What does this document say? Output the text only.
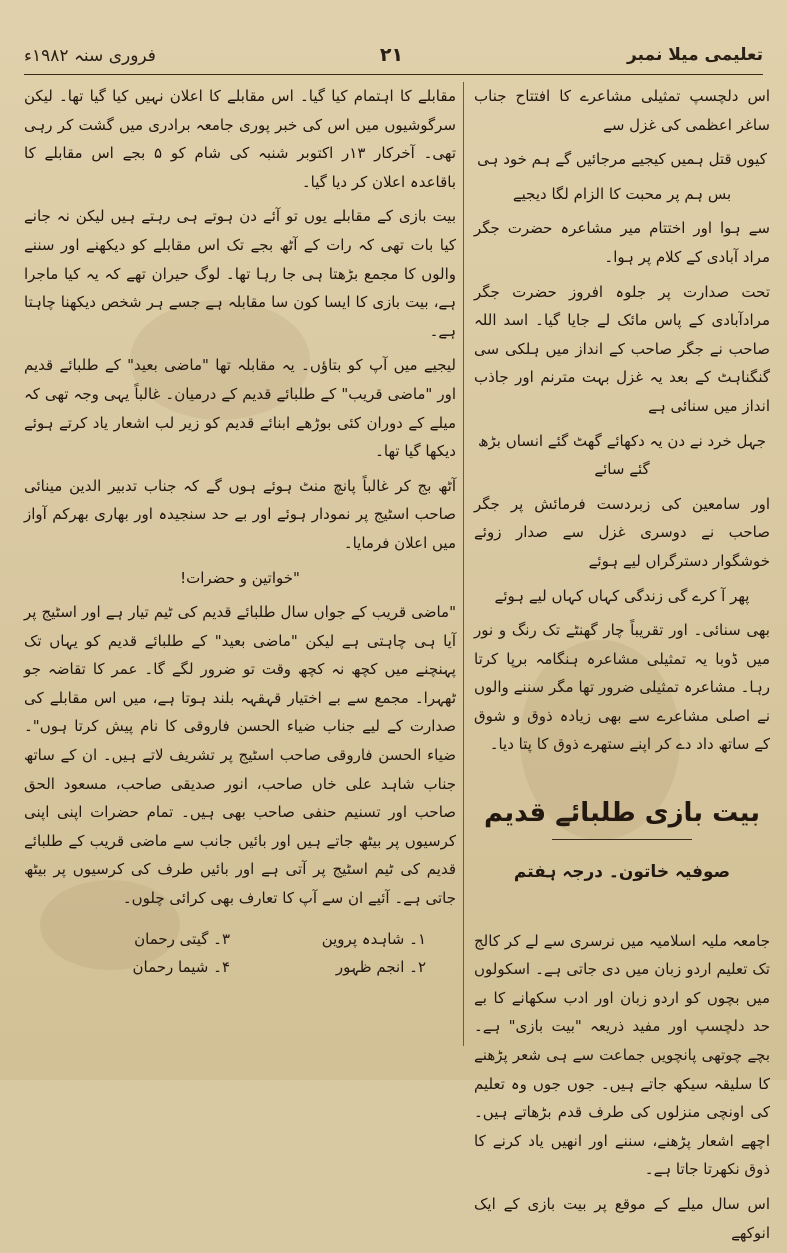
تعلیمی میلا نمبر
۲۱
فروری سنہ ۱۹۸۲ء

اس دلچسپ تمثیلی مشاعرے کا افتتاح جناب ساغر اعظمی کی غزل سے

کیوں قتل ہمیں کیجیے مرجائیں گے ہم خود ہی
بس ہم پر محبت کا الزام لگا دیجیے

سے ہوا اور اختتام میر مشاعرہ حضرت جگر مراد آبادی کے کلام پر ہوا۔

تحت صدارت پر جلوہ افروز حضرت جگر مرادآبادی کے پاس مائک لے جایا گیا۔ اسد اللہ صاحب نے جگر صاحب کے انداز میں ہلکی سی گنگناہٹ کے بعد یہ غزل بہت مترنم اور جاذب انداز میں سنائی ہے

جہل خرد نے دن یہ دکھائے گھٹ گئے انساں بڑھ گئے سائے

اور سامعین کی زبردست فرمائش پر جگر صاحب نے دوسری غزل سے صدار زوئے خوشگوار دسترگراں لیے ہوئے

پھر آ کرے گی زندگی کہاں کہاں لیے ہوئے

بھی سنائی۔ اور تقریباً چار گھنٹے تک رنگ و نور میں ڈوبا یہ تمثیلی مشاعرہ ہنگامہ برپا کرتا رہا۔ مشاعرہ تمثیلی ضرور تھا مگر سننے والوں نے اصلی مشاعرے سے بھی زیادہ ذوق و شوق کے ساتھ داد دے کر اپنے ستھرے ذوق کا پتا دیا۔

بیت بازی طلبائے قدیم
صوفیہ خاتون۔ درجہ ہفتم

جامعہ ملیہ اسلامیہ میں نرسری سے لے کر کالج تک تعلیم اردو زبان میں دی جاتی ہے۔ اسکولوں میں بچوں کو اردو زبان اور ادب سکھانے کا بے حد دلچسپ اور مفید ذریعہ "بیت بازی" ہے۔ بچے چوتھی پانچویں جماعت سے ہی شعر پڑھنے کا سلیقہ سیکھ جاتے ہیں۔ جوں جوں وہ تعلیم کی اونچی منزلوں کی طرف قدم بڑھاتے ہیں۔ اچھے اشعار پڑھنے، سننے اور انھیں یاد کرنے کا ذوق نکھرتا جاتا ہے۔

اس سال میلے کے موقع پر بیت بازی کے ایک انوکھے

مقابلے کا اہتمام کیا گیا۔ اس مقابلے کا اعلان نہیں کیا گیا تھا۔ لیکن سرگوشیوں میں اس کی خبر پوری جامعہ برادری میں گشت کر رہی تھی۔ آخرکار ۱۳ر اکتوبر شنبہ کی شام کو ۵ بجے اس مقابلے کا باقاعدہ اعلان کر دیا گیا۔

بیت بازی کے مقابلے یوں تو آئے دن ہوتے ہی رہتے ہیں لیکن نہ جانے کیا بات تھی کہ رات کے آٹھ بجے تک اس مقابلے کو دیکھنے اور سننے والوں کا مجمع بڑھتا ہی جا رہا تھا۔ لوگ حیران تھے کہ یہ کیا ماجرا ہے، بیت بازی کا ایسا کون سا مقابلہ ہے جسے ہر شخص دیکھنا چاہتا ہے۔

لیجیے میں آپ کو بتاؤں۔ یہ مقابلہ تھا "ماضی بعید" کے طلبائے قدیم اور "ماضی قریب" کے طلبائے قدیم کے درمیان۔ غالباً یہی وجہ تھی کہ میلے کے دوران کئی بوڑھے ابنائے قدیم کو زیر لب اشعار یاد کرتے ہوئے دیکھا گیا تھا۔

آٹھ بج کر غالباً پانچ منٹ ہوئے ہوں گے کہ جناب تدبیر الدین مینائی صاحب اسٹیج پر نمودار ہوئے اور بے حد سنجیدہ اور بھاری بھرکم آواز میں اعلان فرمایا۔

"خواتین و حضرات!

"ماضی قریب کے جواں سال طلبائے قدیم کی ٹیم تیار ہے اور اسٹیج پر آیا ہی چاہتی ہے لیکن "ماضی بعید" کے طلبائے قدیم کو یہاں تک پہنچنے میں کچھ نہ کچھ وقت تو ضرور لگے گا۔ عمر کا تقاضہ جو ٹھہرا۔ مجمع سے بے اختیار قہقہہ بلند ہوتا ہے، میں اس مقابلے کی صدارت کے لیے جناب ضیاء الحسن فاروقی کا نام پیش کرتا ہوں"۔ ضیاء الحسن فاروقی صاحب اسٹیج پر تشریف لاتے ہیں۔ ان کے ساتھ جناب شاہد علی خاں صاحب، انور صدیقی صاحب، مسعود الحق صاحب اور تسنیم حنفی صاحب بھی ہیں۔ تمام حضرات اپنی اپنی کرسیوں پر بیٹھ جاتے ہیں اور بائیں جانب سے ماضی قریب کے طلبائے قدیم کی ٹیم اسٹیج پر آتی ہے اور بائیں طرف کی کرسیوں پر بیٹھ جاتی ہے۔ آئیے ان سے آپ کا تعارف بھی کرائی چلوں۔

۱۔ شاہدہ پروین
۳۔ گیتی رحمان
۲۔ انجم ظہور
۴۔ شیما رحمان
